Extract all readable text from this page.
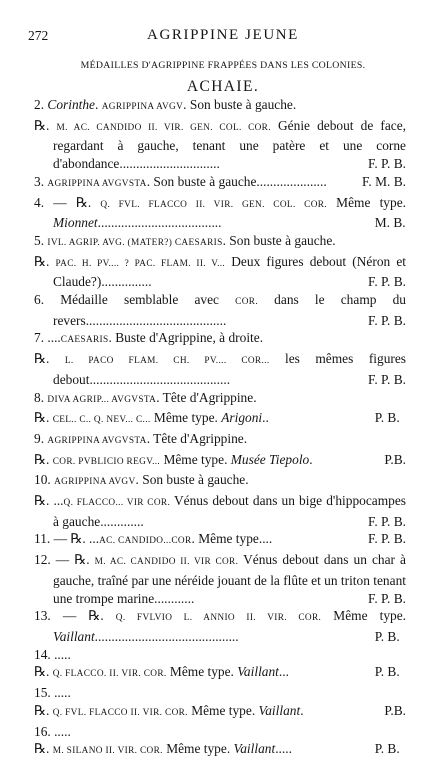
272	AGRIPPINE JEUNE
MÉDAILLES D'AGRIPPINE FRAPPÉES DANS LES COLONIES.
ACHAIE.

2. Corinthe. AGRIPPINA AVGV. Son buste à gauche.

℞. M. AC. CANDIDO II. VIR. GEN. COL. COR. Génie debout de face, regardant à gauche, tenant une patère et une corne d'abondance..............................	F. P. B.

3. AGRIPPINA AVGVSTA. Son buste à gauche.....................	F. M. B.

4. — ℞. Q. FVL. FLACCO II. VIR. GEN. COL. COR. Même type. Mionnet.....................................	M. B.

5. IVL. AGRIP. AVG. (MATER?) CAESARIS. Son buste à gauche.

℞. PAC. H. PV.... ? PAC. FLAM. II. V... Deux figures debout (Néron et Claude?)...............	F. P. B.

6. Médaille semblable avec COR. dans le champ du revers..........................................	F. P. B.

7. ....CAESARIS. Buste d'Agrippine, à droite.

℞. L. PACO FLAM. CH. PV.... COR... les mêmes figures debout..........................................	F. P. B.

8. DIVA AGRIP... AVGVSTA. Tête d'Agrippine.

℞. CEL.. C.. Q. NEV... C... Même type. Arigoni..	P. B.

9. AGRIPPINA AVGVSTA. Tête d'Agrippine.

℞. COR. PVBLICIO REGV... Même type. Musée Tiepolo.	P.B.

10. AGRIPPINA AVGV. Son buste à gauche.

℞. ...Q. FLACCO... VIR COR. Vénus debout dans un bige d'hippocampes à gauche.............	F. P. B.

11. — ℞. ...AC. CANDIDO...COR. Même type....	F. P. B.

12. — ℞. M. AC. CANDIDO II. VIR COR. Vénus debout dans un char à gauche, traîné par une néréide jouant de la flûte et un triton tenant une trompe marine............	F. P. B.

13. — ℞. Q. FVLVIO L. ANNIO II. VIR. COR. Même type. Vaillant...........................................	P. B.

14. .....

℞. Q. FLACCO. II. VIR. COR. Même type. Vaillant...	P. B.

15. .....

℞. Q. FVL. FLACCO II. VIR. COR. Même type. Vaillant.	P.B.

16. .....

℞. M. SILANO II. VIR. COR. Même type. Vaillant.....	P. B.
